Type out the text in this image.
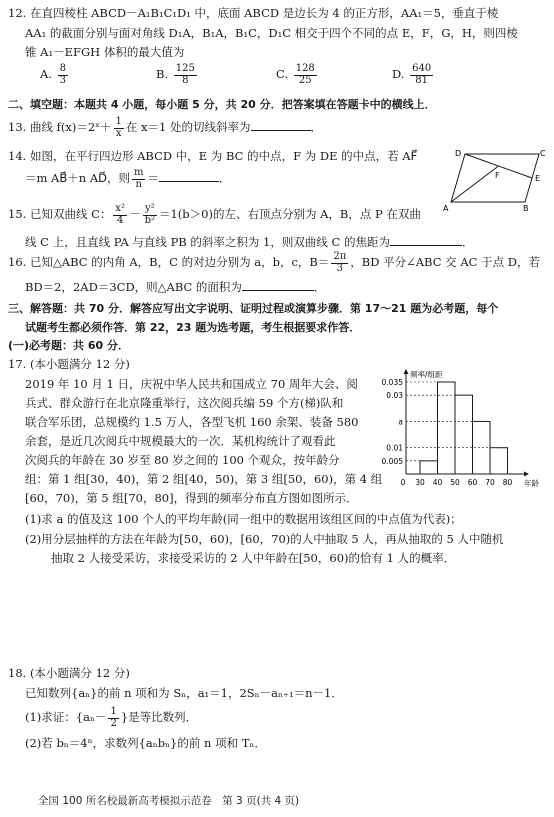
12. 在直四棱柱 ABCD－A₁B₁C₁D₁ 中，底面 ABCD 是边长为 4 的正方形，AA₁＝5，垂直于棱
AA₁ 的截面分别与面对角线 D₁A，B₁A，B₁C，D₁C 相交于四个不同的点 E，F，G，H，则四棱
锥 A₁－EFGH 体积的最大值为
A. $\frac{8}{3}$	B. $\frac{125}{8}$	C. $\frac{128}{25}$	D. $\frac{640}{81}$
二、填空题：本题共 4 小题，每小题 5 分，共 20 分．把答案填在答题卡中的横线上．
13. 曲线 f(x)＝2ˣ＋ $\frac{1}{x}$ 在 x＝1 处的切线斜率为	．
14. 如图，在平行四边形 ABCD 中，E 为 BC 的中点，F 为 DE 的中点，若 AF⃗
＝m AB⃗＋n AD⃗，则 $\frac{m}{n}$ ＝	．
D	C
A	B
E
F
15. 已知双曲线 C： $\frac{\text{x²}}{4} - \frac{\text{y²}}{\text{b²}} =1(b>0)$的左、右顶点分别为 A，B，点 P 在双曲
线 C 上，且直线 PA 与直线 PB 的斜率之积为 1，则双曲线 C 的焦距为	．
16. 已知△ABC 的内角 A，B，C 的对边分别为 a，b，c，$B= \frac{2\pi}{3}$ ，BD 平分∠ABC 交 AC 于点 D，若
BD＝2，2AD＝3CD，则△ABC 的面积为	．
三、解答题：共 70 分．解答应写出文字说明、证明过程或演算步骤．第 17～21 题为必考题，每个
试题考生都必须作答．第 22，23 题为选考题，考生根据要求作答．
(一)必考题：共 60 分．
17. (本小题满分 12 分)
2019 年 10 月 1 日，庆祝中华人民共和国成立 70 周年大会、阅
兵式、群众游行在北京隆重举行，这次阅兵编 59 个方(梯)队和
联合军乐团，总规模约 1.5 万人，各型飞机 160 余架、装备 580
余套，是近几次阅兵中规模最大的一次．某机构统计了观看此
次阅兵的年龄在 30 岁至 80 岁之间的 100 个观众，按年龄分
组：第 1 组[30，40)，第 2 组[40，50)，第 3 组[50，60)，第 4 组
[60，70)，第 5 组[70，80]，得到的频率分布直方图如图所示．
频率/组距
年龄
0.035
0.03
a
0.01
0.005
0 30 40 50 60 70 80
(1)求 a 的值及这 100 个人的平均年龄(同一组中的数据用该组区间的中点值为代表)；
(2)用分层抽样的方法在年龄为[50，60)，[60，70)的人中抽取 5 人，再从抽取的 5 人中随机
抽取 2 人接受采访，求接受采访的 2 人中年龄在[50，60)的恰有 1 人的概率．
18. (本小题满分 12 分)
已知数列{aₙ}的前 n 项和为 Sₙ，a₁＝1，2Sₙ－aₙ₊₁＝n－1．
(1)求证：{$a_n- \frac{1}{2}$ }是等比数列．
(2)若 bₙ＝4ⁿ，求数列{aₙbₙ}的前 n 项和 Tₙ．
全国 100 所名校最新高考模拟示范卷　第 3 页(共 4 页)
